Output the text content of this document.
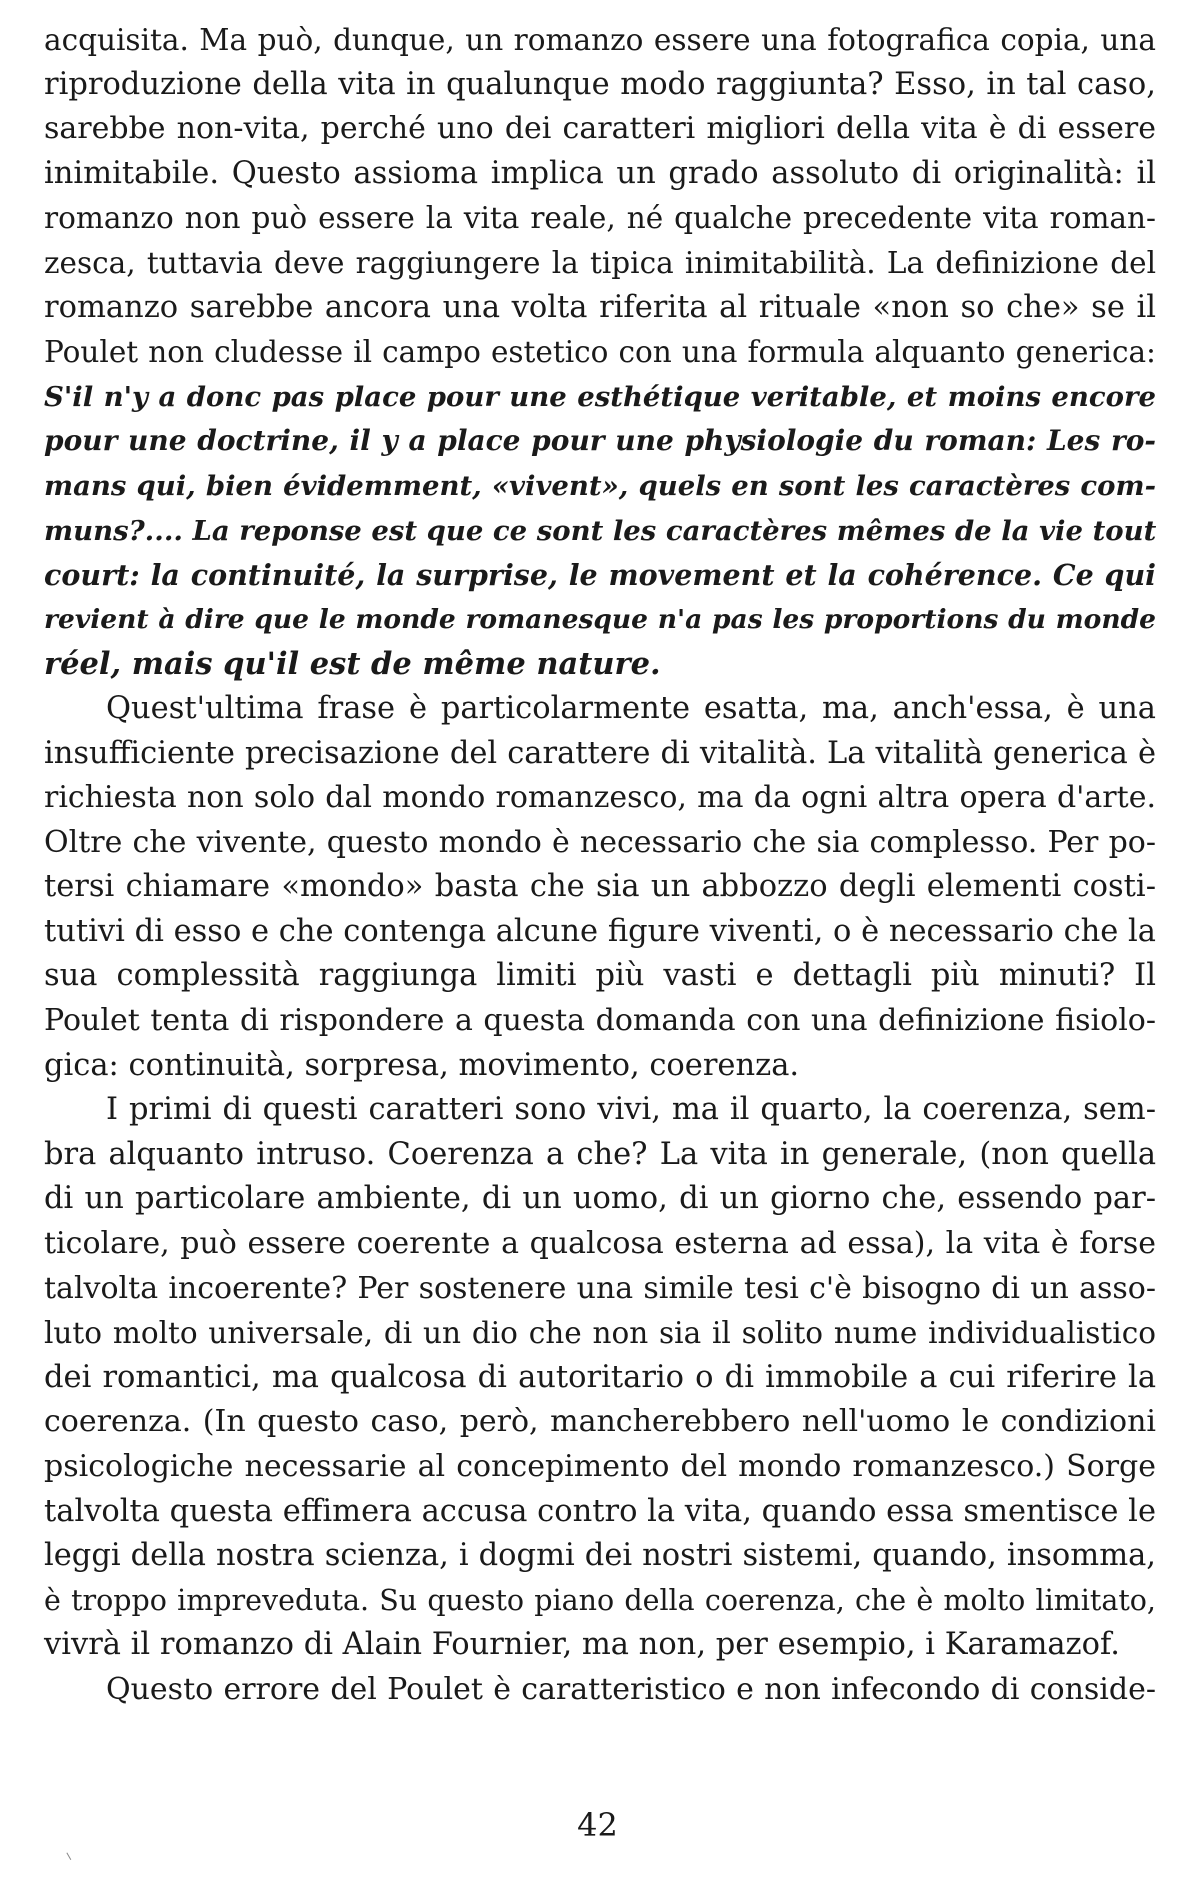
acquisita. Ma può, dunque, un romanzo essere una fotografica copia, una
riproduzione della vita in qualunque modo raggiunta? Esso, in tal caso,
sarebbe non-vita, perché uno dei caratteri migliori della vita è di essere
inimitabile. Questo assioma implica un grado assoluto di originalità: il
romanzo non può essere la vita reale, né qualche precedente vita roman-
zesca, tuttavia deve raggiungere la tipica inimitabilità. La definizione del
romanzo sarebbe ancora una volta riferita al rituale «non so che» se il
Poulet non cludesse il campo estetico con una formula alquanto generica:
S'il n'y a donc pas place pour une esthétique veritable, et moins encore
pour une doctrine, il y a place pour une physiologie du roman: Les ro-
mans qui, bien évidemment, «vivent», quels en sont les caractères com-
muns?.... La reponse est que ce sont les caractères mêmes de la vie tout
court: la continuité, la surprise, le movement et la cohérence. Ce qui
revient à dire que le monde romanesque n'a pas les proportions du monde
réel, mais qu'il est de même nature.
Quest'ultima frase è particolarmente esatta, ma, anch'essa, è una
insufficiente precisazione del carattere di vitalità. La vitalità generica è
richiesta non solo dal mondo romanzesco, ma da ogni altra opera d'arte.
Oltre che vivente, questo mondo è necessario che sia complesso. Per po-
tersi chiamare «mondo» basta che sia un abbozzo degli elementi costi-
tutivi di esso e che contenga alcune figure viventi, o è necessario che la
sua complessità raggiunga limiti più vasti e dettagli più minuti? Il
Poulet tenta di rispondere a questa domanda con una definizione fisiolo-
gica: continuità, sorpresa, movimento, coerenza.
I primi di questi caratteri sono vivi, ma il quarto, la coerenza, sem-
bra alquanto intruso. Coerenza a che? La vita in generale, (non quella
di un particolare ambiente, di un uomo, di un giorno che, essendo par-
ticolare, può essere coerente a qualcosa esterna ad essa), la vita è forse
talvolta incoerente? Per sostenere una simile tesi c'è bisogno di un asso-
luto molto universale, di un dio che non sia il solito nume individualistico
dei romantici, ma qualcosa di autoritario o di immobile a cui riferire la
coerenza. (In questo caso, però, mancherebbero nell'uomo le condizioni
psicologiche necessarie al concepimento del mondo romanzesco.) Sorge
talvolta questa effimera accusa contro la vita, quando essa smentisce le
leggi della nostra scienza, i dogmi dei nostri sistemi, quando, insomma,
è troppo impreveduta. Su questo piano della coerenza, che è molto limitato,
vivrà il romanzo di Alain Fournier, ma non, per esempio, i Karamazof.
Questo errore del Poulet è caratteristico e non infecondo di conside-
42
